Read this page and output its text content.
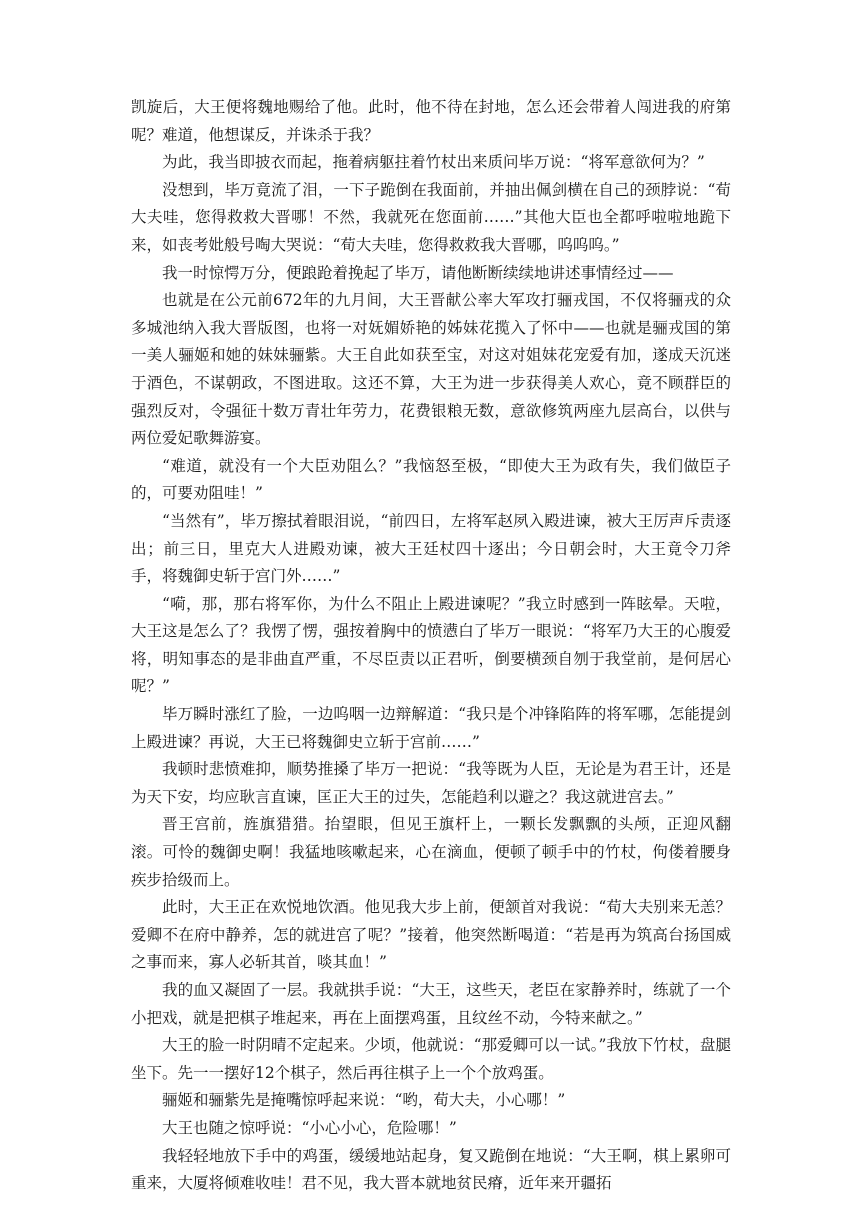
凯旋后，大王便将魏地赐给了他。此时，他不待在封地，怎么还会带着人闯进我的府第呢？难道，他想谋反，并诛杀于我？

为此，我当即披衣而起，拖着病躯拄着竹杖出来质问毕万说：“将军意欲何为？”

没想到，毕万竟流了泪，一下子跪倒在我面前，并抽出佩剑横在自己的颈脖说：“荀大夫哇，您得救救大晋哪！不然，我就死在您面前……”其他大臣也全都呼啦啦地跪下来，如丧考妣般号啕大哭说：“荀大夫哇，您得救救我大晋哪，呜呜呜。”

我一时惊愕万分，便踉跄着挽起了毕万，请他断断续续地讲述事情经过——

也就是在公元前672年的九月间，大王晋献公率大军攻打骊戎国，不仅将骊戎的众多城池纳入我大晋版图，也将一对妩媚娇艳的姊妹花揽入了怀中——也就是骊戎国的第一美人骊姬和她的妹妹骊紫。大王自此如获至宝，对这对姐妹花宠爱有加，遂成天沉迷于酒色，不谋朝政，不图进取。这还不算，大王为进一步获得美人欢心，竟不顾群臣的强烈反对，令强征十数万青壮年劳力，花费银粮无数，意欲修筑两座九层高台，以供与两位爱妃歌舞游宴。

“难道，就没有一个大臣劝阻么？”我恼怒至极，“即使大王为政有失，我们做臣子的，可要劝阻哇！”

“当然有”，毕万擦拭着眼泪说，“前四日，左将军赵夙入殿进谏，被大王厉声斥责逐出；前三日，里克大人进殿劝谏，被大王廷杖四十逐出；今日朝会时，大王竟令刀斧手，将魏御史斩于宫门外……”

“嗬，那，那右将军你，为什么不阻止上殿进谏呢？”我立时感到一阵眩晕。天啦，大王这是怎么了？我愣了愣，强按着胸中的愤懑白了毕万一眼说：“将军乃大王的心腹爱将，明知事态的是非曲直严重，不尽臣责以正君听，倒要横颈自刎于我堂前，是何居心呢？”

毕万瞬时涨红了脸，一边呜咽一边辩解道：“我只是个冲锋陷阵的将军哪，怎能提剑上殿进谏？再说，大王已将魏御史立斩于宫前……”

我顿时悲愤难抑，顺势推搡了毕万一把说：“我等既为人臣，无论是为君王计，还是为天下安，均应耿言直谏，匡正大王的过失，怎能趋利以避之？我这就进宫去。”

晋王宫前，旌旗猎猎。抬望眼，但见王旗杆上，一颗长发飘飘的头颅，正迎风翻滚。可怜的魏御史啊！我猛地咳嗽起来，心在滴血，便顿了顿手中的竹杖，佝偻着腰身疾步拾级而上。

此时，大王正在欢悦地饮酒。他见我大步上前，便颔首对我说：“荀大夫别来无恙？爱卿不在府中静养，怎的就进宫了呢？”接着，他突然断喝道：“若是再为筑高台扬国威之事而来，寡人必斩其首，啖其血！”

我的血又凝固了一层。我就拱手说：“大王，这些天，老臣在家静养时，练就了一个小把戏，就是把棋子堆起来，再在上面摆鸡蛋，且纹丝不动，今特来献之。”

大王的脸一时阴晴不定起来。少顷，他就说：“那爱卿可以一试。”我放下竹杖，盘腿坐下。先一一摆好12个棋子，然后再往棋子上一个个放鸡蛋。

骊姬和骊紫先是掩嘴惊呼起来说：“哟，荀大夫，小心哪！”

大王也随之惊呼说：“小心小心，危险哪！”

我轻轻地放下手中的鸡蛋，缓缓地站起身，复又跪倒在地说：“大王啊，棋上累卵可重来，大厦将倾难收哇！君不见，我大晋本就地贫民瘠，近年来开疆拓
